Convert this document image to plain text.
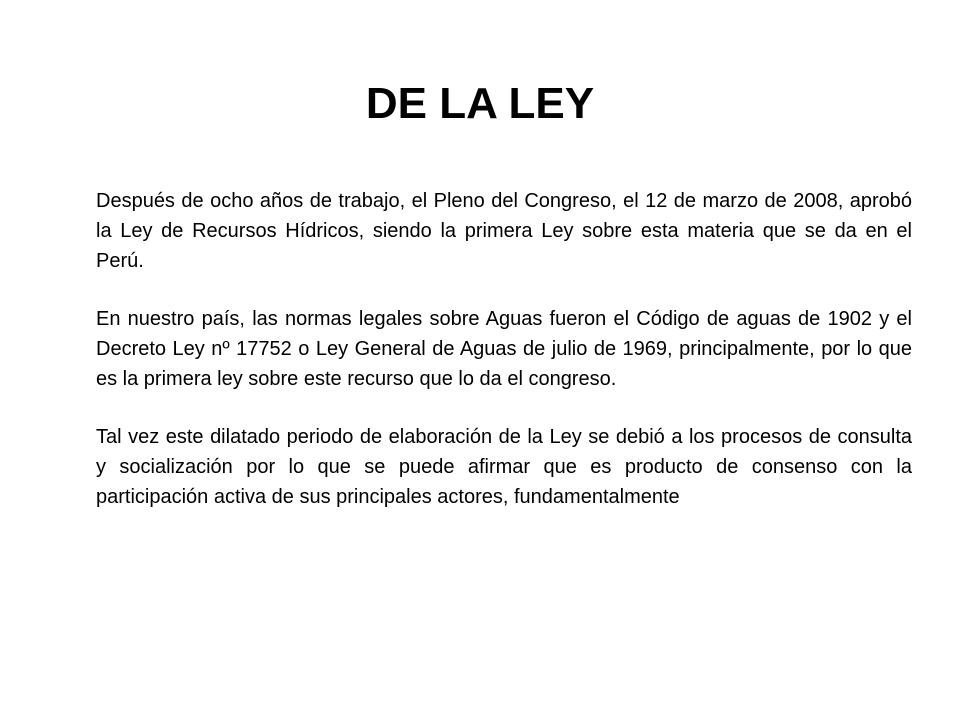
DE LA LEY

Después de ocho años de trabajo, el Pleno del Congreso, el 12 de marzo de 2008, aprobó la Ley de Recursos Hídricos, siendo la primera Ley sobre esta materia que se da en el Perú.

En nuestro país, las normas legales sobre Aguas fueron el Código de aguas de 1902 y el Decreto Ley nº 17752 o Ley General de Aguas de julio de 1969, principalmente, por lo que es la primera ley sobre este recurso que lo da el congreso.

Tal vez este dilatado periodo de elaboración de la Ley se debió a los procesos de consulta y socialización por lo que se puede afirmar que es producto de consenso con la participación activa de sus principales actores, fundamentalmente
